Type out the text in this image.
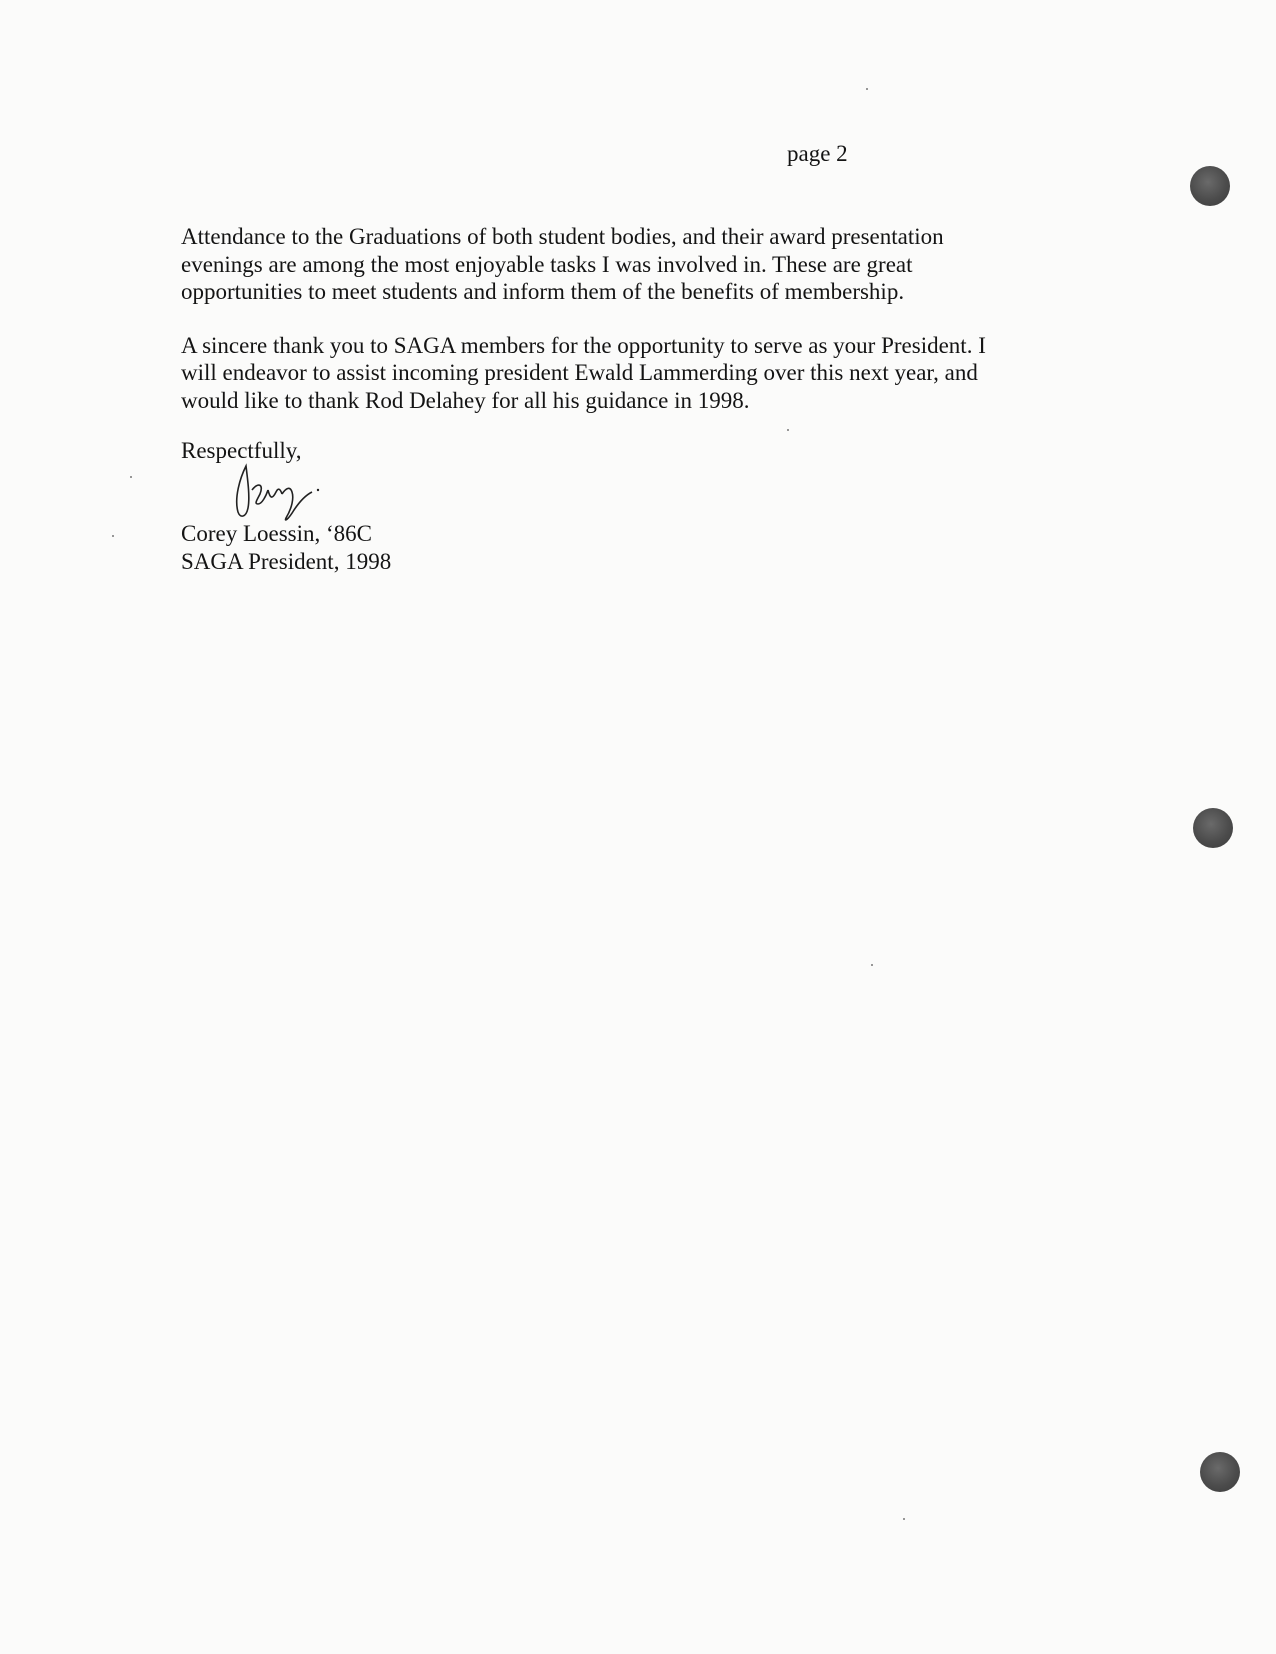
page 2

Attendance to the Graduations of both student bodies, and their award presentation
evenings are among the most enjoyable tasks I was involved in. These are great
opportunities to meet students and inform them of the benefits of membership.

A sincere thank you to SAGA members for the opportunity to serve as your President. I
will endeavor to assist incoming president Ewald Lammerding over this next year, and
would like to thank Rod Delahey for all his guidance in 1998.

Respectfully,
Corey Loessin, ‘86C
SAGA President, 1998
